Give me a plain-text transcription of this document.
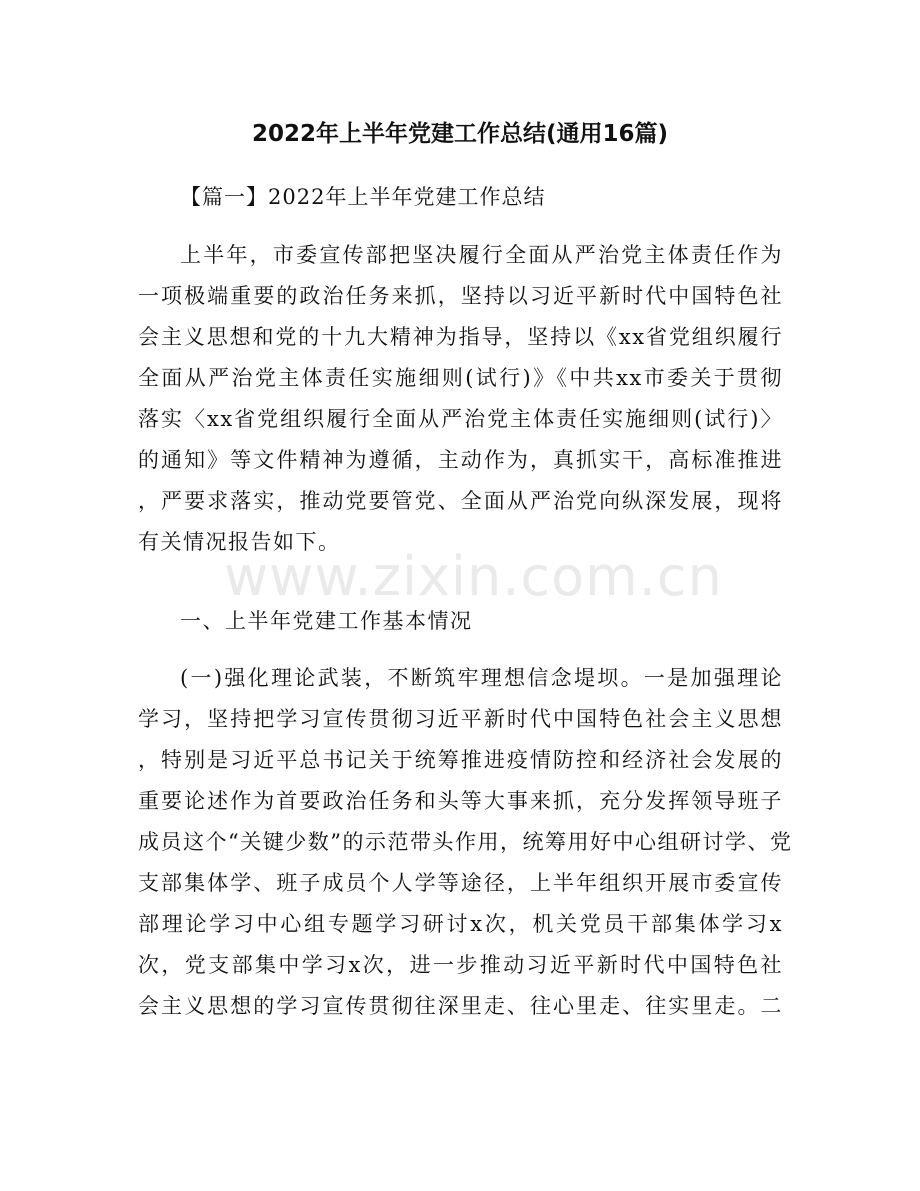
2022年上半年党建工作总结(通用16篇)
【篇一】2022年上半年党建工作总结
上半年，市委宣传部把坚决履行全面从严治党主体责任作为
一项极端重要的政治任务来抓，坚持以习近平新时代中国特色社
会主义思想和党的十九大精神为指导，坚持以《xx省党组织履行
全面从严治党主体责任实施细则(试行)》《中共xx市委关于贯彻
落实〈xx省党组织履行全面从严治党主体责任实施细则(试行)〉
的通知》等文件精神为遵循，主动作为，真抓实干，高标准推进
，严要求落实，推动党要管党、全面从严治党向纵深发展，现将
有关情况报告如下。
www.zixin.com.cn
一、上半年党建工作基本情况
(一)强化理论武装，不断筑牢理想信念堤坝。一是加强理论
学习，坚持把学习宣传贯彻习近平新时代中国特色社会主义思想
，特别是习近平总书记关于统筹推进疫情防控和经济社会发展的
重要论述作为首要政治任务和头等大事来抓，充分发挥领导班子
成员这个“关键少数”的示范带头作用，统筹用好中心组研讨学、党
支部集体学、班子成员个人学等途径，上半年组织开展市委宣传
部理论学习中心组专题学习研讨x次，机关党员干部集体学习x
次，党支部集中学习x次，进一步推动习近平新时代中国特色社
会主义思想的学习宣传贯彻往深里走、往心里走、往实里走。二
